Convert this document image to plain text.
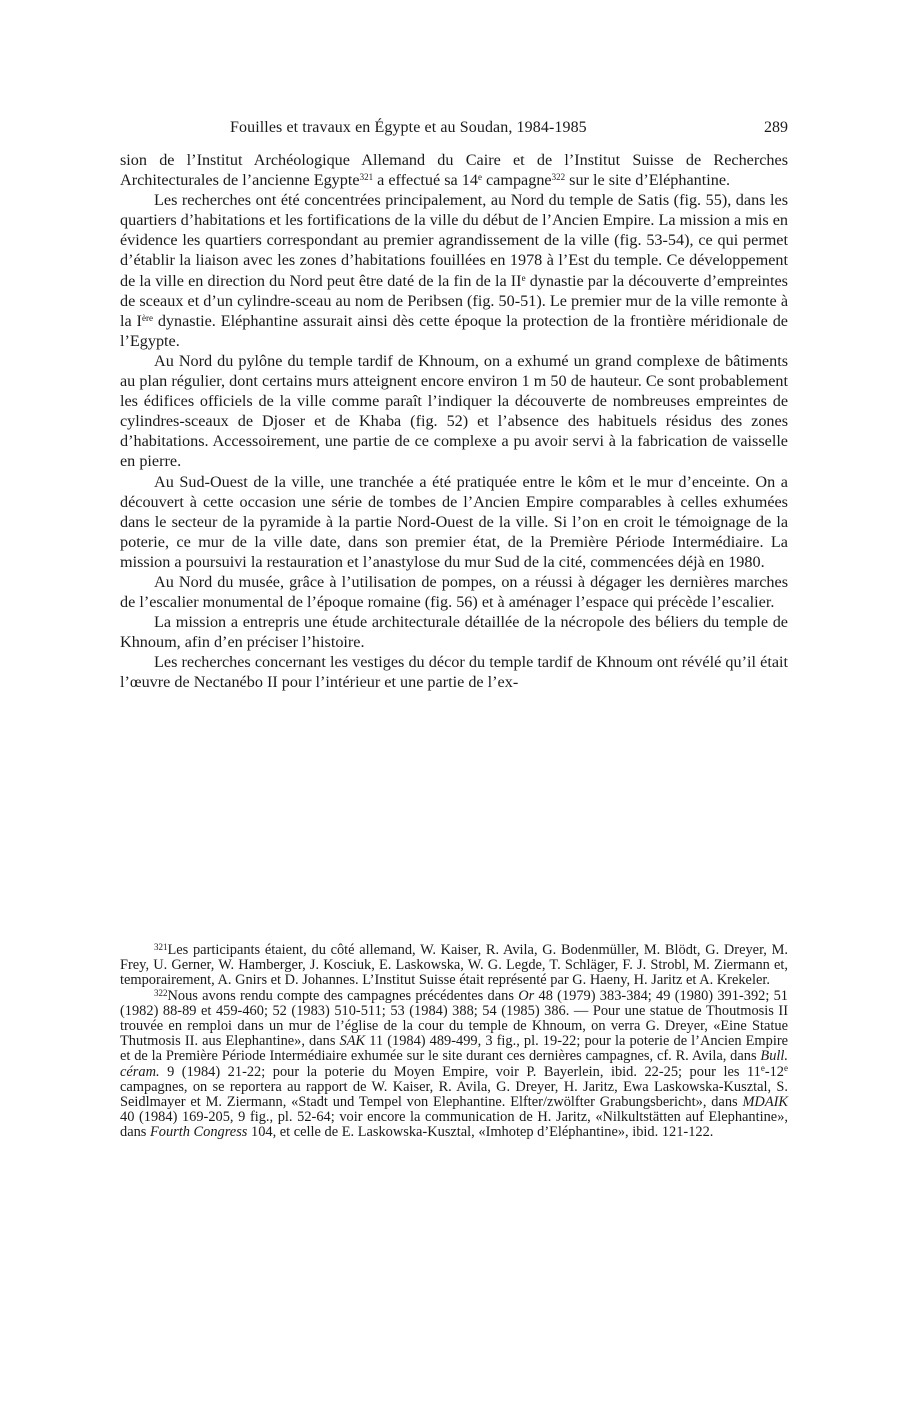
Fouilles et travaux en Égypte et au Soudan, 1984-1985	289

sion de l’Institut Archéologique Allemand du Caire et de l’Institut Suisse de Recherches Architecturales de l’ancienne Egypte$^{321}$ a effectué sa 14e campagne$^{322}$ sur le site d’Eléphantine.

Les recherches ont été concentrées principalement, au Nord du temple de Satis (fig. 55), dans les quartiers d’habitations et les fortifications de la ville du début de l’Ancien Empire. La mission a mis en évidence les quartiers correspondant au premier agrandissement de la ville (fig. 53-54), ce qui permet d’établir la liaison avec les zones d’habitations fouillées en 1978 à l’Est du temple. Ce développement de la ville en direction du Nord peut être daté de la fin de la IIe dynastie par la découverte d’empreintes de sceaux et d’un cylindre-sceau au nom de Peribsen (fig. 50-51). Le premier mur de la ville remonte à la Ière dynastie. Eléphantine assurait ainsi dès cette époque la protection de la frontière méridionale de l’Egypte.

Au Nord du pylône du temple tardif de Khnoum, on a exhumé un grand complexe de bâtiments au plan régulier, dont certains murs atteignent encore environ 1 m 50 de hauteur. Ce sont probablement les édifices officiels de la ville comme paraît l’indiquer la découverte de nombreuses empreintes de cylindres-sceaux de Djoser et de Khaba (fig. 52) et l’absence des habituels résidus des zones d’habitations. Accessoirement, une partie de ce complexe a pu avoir servi à la fabrication de vaisselle en pierre.

Au Sud-Ouest de la ville, une tranchée a été pratiquée entre le kôm et le mur d’enceinte. On a découvert à cette occasion une série de tombes de l’Ancien Empire comparables à celles exhumées dans le secteur de la pyramide à la partie Nord-Ouest de la ville. Si l’on en croit le témoignage de la poterie, ce mur de la ville date, dans son premier état, de la Première Période Intermédiaire. La mission a poursuivi la restauration et l’anastylose du mur Sud de la cité, commencées déjà en 1980.

Au Nord du musée, grâce à l’utilisation de pompes, on a réussi à dégager les dernières marches de l’escalier monumental de l’époque romaine (fig. 56) et à aménager l’espace qui précède l’escalier.

La mission a entrepris une étude architecturale détaillée de la nécropole des béliers du temple de Khnoum, afin d’en préciser l’histoire.

Les recherches concernant les vestiges du décor du temple tardif de Khnoum ont révélé qu’il était l’œuvre de Nectanébo II pour l’intérieur et une partie de l’ex-

$^{321}$Les participants étaient, du côté allemand, W. Kaiser, R. Avila, G. Bodenmüller, M. Blödt, G. Dreyer, M. Frey, U. Gerner, W. Hamberger, J. Kosciuk, E. Laskowska, W. G. Legde, T. Schläger, F. J. Strobl, M. Ziermann et, temporairement, A. Gnirs et D. Johannes. L’Institut Suisse était représenté par G. Haeny, H. Jaritz et A. Krekeler.

$^{322}$Nous avons rendu compte des campagnes précédentes dans Or 48 (1979) 383-384; 49 (1980) 391-392; 51 (1982) 88-89 et 459-460; 52 (1983) 510-511; 53 (1984) 388; 54 (1985) 386. — Pour une statue de Thoutmosis II trouvée en remploi dans un mur de l’église de la cour du temple de Khnoum, on verra G. Dreyer, «Eine Statue Thutmosis II. aus Elephantine», dans SAK 11 (1984) 489-499, 3 fig., pl. 19-22; pour la poterie de l’Ancien Empire et de la Première Période Intermédiaire exhumée sur le site durant ces dernières campagnes, cf. R. Avila, dans Bull. céram. 9 (1984) 21-22; pour la poterie du Moyen Empire, voir P. Bayerlein, ibid. 22-25; pour les 11e-12e campagnes, on se reportera au rapport de W. Kaiser, R. Avila, G. Dreyer, H. Jaritz, Ewa Laskowska-Kusztal, S. Seidlmayer et M. Ziermann, «Stadt und Tempel von Elephantine. Elfter/zwölfter Grabungsbericht», dans MDAIK 40 (1984) 169-205, 9 fig., pl. 52-64; voir encore la communication de H. Jaritz, «Nilkultstätten auf Elephantine», dans Fourth Congress 104, et celle de E. Laskowska-Kusztal, «Imhotep d’Eléphantine», ibid. 121-122.
